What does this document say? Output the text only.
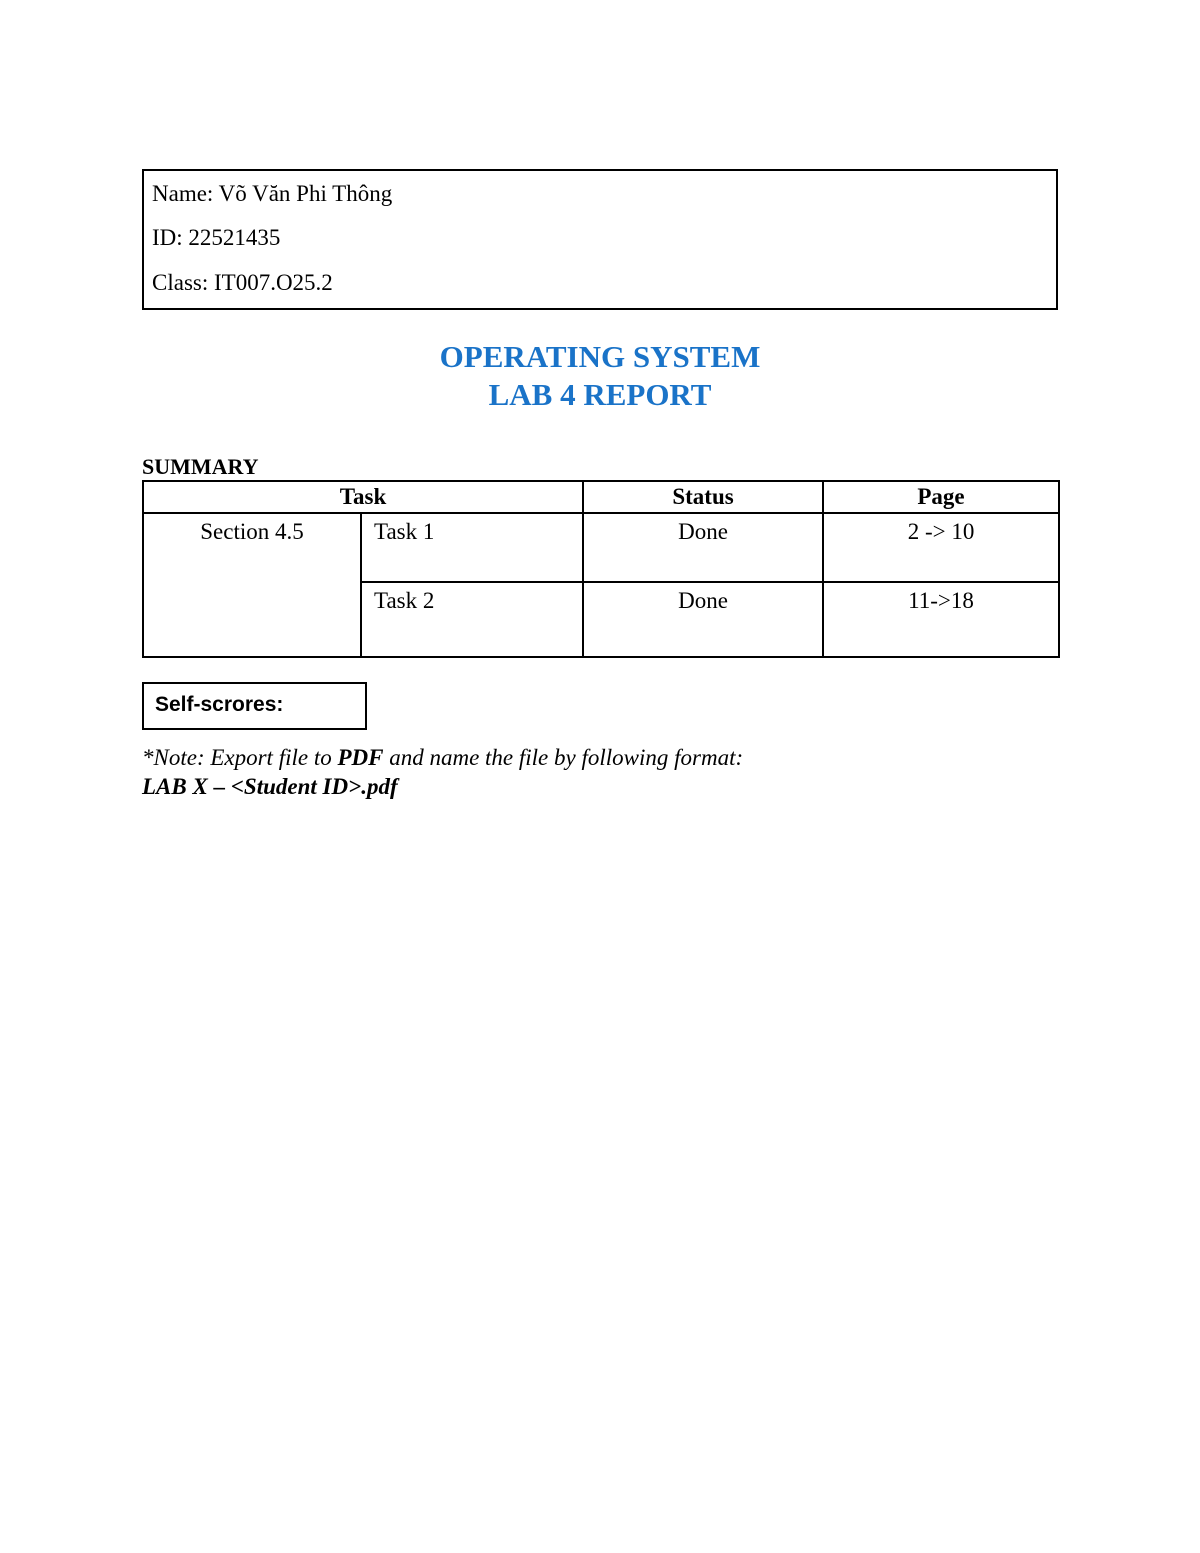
Name: Võ Văn Phi Thông
ID: 22521435
Class: IT007.O25.2
OPERATING SYSTEM
LAB 4 REPORT
SUMMARY
Task		Status	Page
Section 4.5	Task 1	Done	2 -> 10
	Task 2	Done	11->18
Self-scrores:
*Note: Export file to PDF and name the file by following format:
LAB X – <Student ID>.pdf
